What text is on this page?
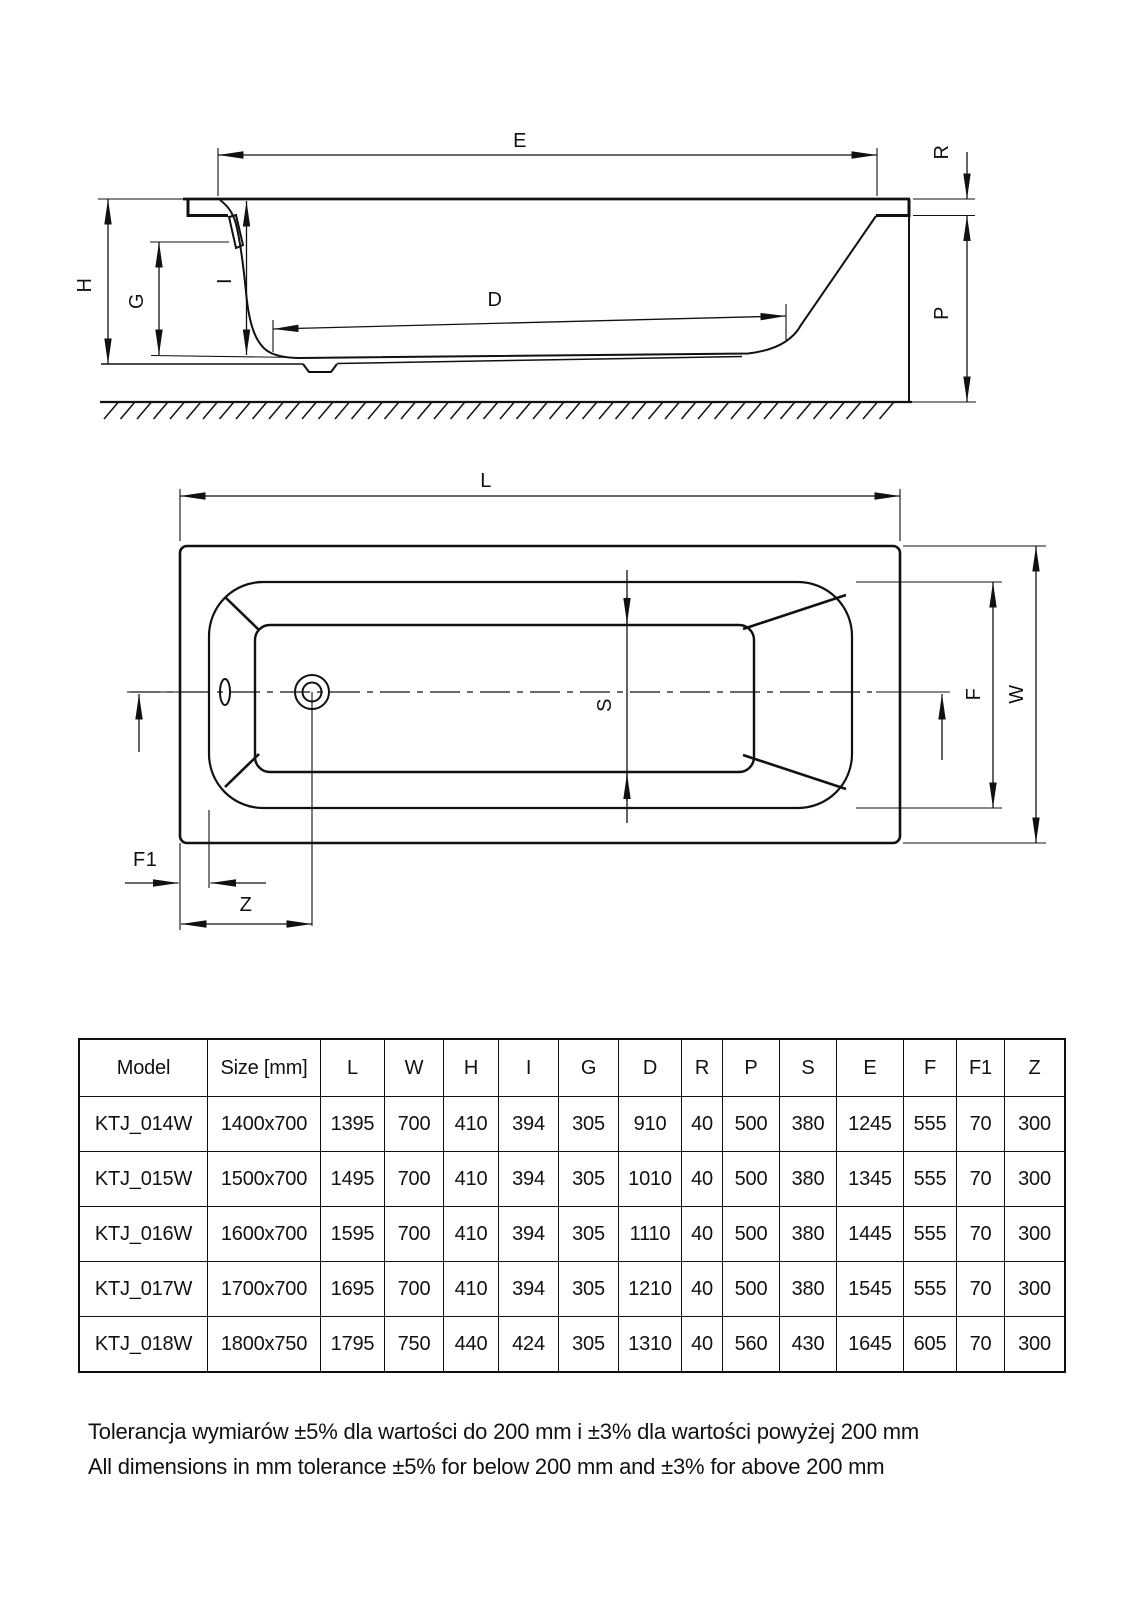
E	R
H
G
I
D
P
L
W
F
S
F1
Z
Model	Size [mm]	L	W	H	I	G	D	R	P	S	E	F	F1	Z
KTJ_014W	1400x700	1395	700	410	394	305	910	40	500	380	1245	555	70	300
KTJ_015W	1500x700	1495	700	410	394	305	1010	40	500	380	1345	555	70	300
KTJ_016W	1600x700	1595	700	410	394	305	1110	40	500	380	1445	555	70	300
KTJ_017W	1700x700	1695	700	410	394	305	1210	40	500	380	1545	555	70	300
KTJ_018W	1800x750	1795	750	440	424	305	1310	40	560	430	1645	605	70	300
Tolerancja wymiarów ±5% dla wartości do 200 mm i ±3% dla wartości powyżej 200 mm
All dimensions in mm tolerance ±5% for below 200 mm and ±3% for above 200 mm
